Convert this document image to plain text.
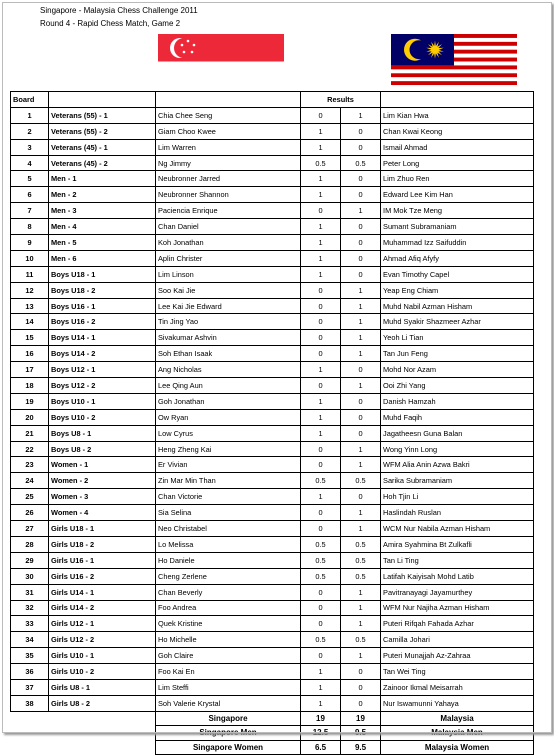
Singapore - Malaysia Chess Challenge 2011
Round 4 - Rapid Chess Match, Game 2
Board			Results		
1	Veterans (55) - 1	Chia Chee Seng	0	1	Lim Kian Hwa
2	Veterans (55) - 2	Giam Choo Kwee	1	0	Chan Kwai Keong
3	Veterans (45) - 1	Lim Warren	1	0	Ismail Ahmad
4	Veterans (45) - 2	Ng Jimmy	0.5	0.5	Peter Long
5	Men - 1	Neubronner Jarred	1	0	Lim Zhuo Ren
6	Men - 2	Neubronner Shannon	1	0	Edward Lee Kim Han
7	Men - 3	Paciencia Enrique	0	1	IM Mok Tze Meng
8	Men - 4	Chan Daniel	1	0	Sumant Subramaniam
9	Men - 5	Koh Jonathan	1	0	Muhammad Izz Saifuddin
10	Men - 6	Aplin Christer	1	0	Ahmad Afiq Afyfy
11	Boys U18 - 1	Lim Linson	1	0	Evan Timothy Capel
12	Boys U18 - 2	Soo Kai Jie	0	1	Yeap Eng Chiam
13	Boys U16 - 1	Lee Kai Jie Edward	0	1	Muhd Nabil Azman Hisham
14	Boys U16 - 2	Tin Jing Yao	0	1	Muhd Syakir Shazmeer Azhar
15	Boys U14 - 1	Sivakumar Ashvin	0	1	Yeoh Li Tian
16	Boys U14 - 2	Soh Ethan Isaak	0	1	Tan Jun Feng
17	Boys U12 - 1	Ang Nicholas	1	0	Mohd Nor Azam
18	Boys U12 - 2	Lee Qing Aun	0	1	Ooi Zhi Yang
19	Boys U10 - 1	Goh Jonathan	1	0	Danish Hamzah
20	Boys U10 - 2	Ow Ryan	1	0	Muhd Faqih
21	Boys U8 - 1	Low Cyrus	1	0	Jagatheesn Guna Balan
22	Boys U8 - 2	Heng Zheng Kai	0	1	Wong Yinn Long
23	Women - 1	Er Vivian	0	1	WFM Alia Anin Azwa Bakri
24	Women - 2	Zin Mar Min Than	0.5	0.5	Sarika Subramaniam
25	Women - 3	Chan Victorie	1	0	Hoh Tjin Li
26	Women - 4	Sia Selina	0	1	Haslindah Ruslan
27	Girls U18 - 1	Neo Christabel	0	1	WCM Nur Nabila Azman Hisham
28	Girls U18 - 2	Lo Melissa	0.5	0.5	Amira Syahmina Bt Zulkafli
29	Girls U16 - 1	Ho Daniele	0.5	0.5	Tan Li Ting
30	Girls U16 - 2	Cheng Zerlene	0.5	0.5	Latifah Kaiyisah Mohd Latib
31	Girls U14 - 1	Chan Beverly	0	1	Pavitranayagi Jayamurthey
32	Girls U14 - 2	Foo Andrea	0	1	WFM Nur Najiha Azman Hisham
33	Girls U12 - 1	Quek Kristine	0	1	Puteri Rifqah Fahada Azhar
34	Girls U12 - 2	Ho Michelle	0.5	0.5	Camilla Johari
35	Girls U10 - 1	Goh Claire	0	1	Puteri Munajjah Az-Zahraa
36	Girls U10 - 2	Foo Kai En	1	0	Tan Wei Ting
37	Girls U8 - 1	Lim Steffi	1	0	Zainoor Ikmal Meisarrah
38	Girls U8 - 2	Soh Valerie Krystal	1	0	Nur Iswamunni Yahaya
		Singapore	19	19	Malaysia
		Singapore Men	12.5	9.5	Malaysia Men
		Singapore Women	6.5	9.5	Malaysia Women
